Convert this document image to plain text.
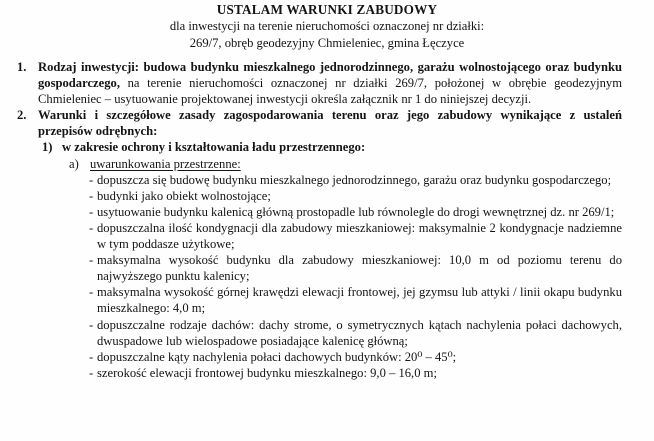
USTALAM WARUNKI ZABUDOWY
dla inwestycji na terenie nieruchomości oznaczonej nr działki:
269/7, obręb geodezyjny Chmieleniec, gmina Łęczyce
1. Rodzaj inwestycji: budowa budynku mieszkalnego jednorodzinnego, garażu wolnostojącego oraz budynku gospodarczego, na terenie nieruchomości oznaczonej nr działki 269/7, położonej w obrębie geodezyjnym Chmieleniec – usytuowanie projektowanej inwestycji określa załącznik nr 1 do niniejszej decyzji.
2. Warunki i szczegółowe zasady zagospodarowania terenu oraz jego zabudowy wynikające z ustaleń przepisów odrębnych:
1) w zakresie ochrony i kształtowania ładu przestrzennego:
a) uwarunkowania przestrzenne:
- dopuszcza się budowę budynku mieszkalnego jednorodzinnego, garażu oraz budynku gospodarczego;
- budynki jako obiekt wolnostojące;
- usytuowanie budynku kalenicą główną prostopadle lub równolegle do drogi wewnętrznej dz. nr 269/1;
- dopuszczalna ilość kondygnacji dla zabudowy mieszkaniowej: maksymalnie 2 kondygnacje nadziemne w tym poddasze użytkowe;
- maksymalna wysokość budynku dla zabudowy mieszkaniowej: 10,0 m od poziomu terenu do najwyższego punktu kalenicy;
- maksymalna wysokość górnej krawędzi elewacji frontowej, jej gzymsu lub attyki / linii okapu budynku mieszkalnego: 4,0 m;
- dopuszczalne rodzaje dachów: dachy strome, o symetrycznych kątach nachylenia połaci dachowych, dwuspadowe lub wielospadowe posiadające kalenicę główną;
- dopuszczalne kąty nachylenia połaci dachowych budynków: 20⁰ – 45⁰;
- szerokość elewacji frontowej budynku mieszkalnego: 9,0 – 16,0 m;
